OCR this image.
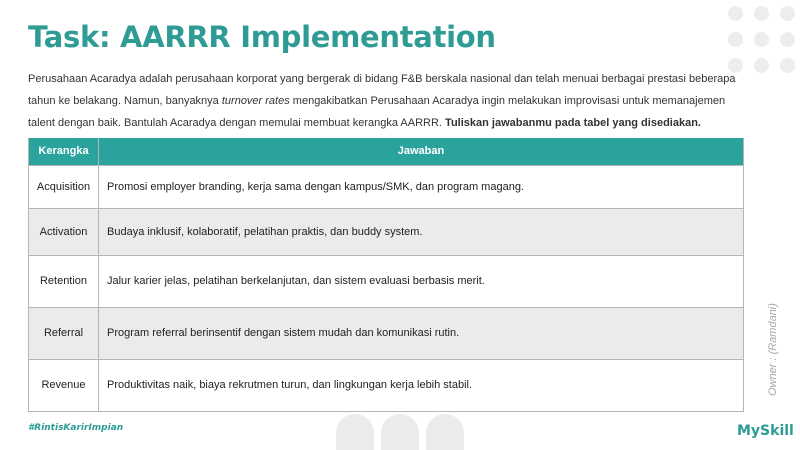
Task: AARRR Implementation

Perusahaan Acaradya adalah perusahaan korporat yang bergerak di bidang F&B berskala nasional dan telah menuai berbagai prestasi beberapa tahun ke belakang. Namun, banyaknya turnover rates mengakibatkan Perusahaan Acaradya ingin melakukan improvisasi untuk memanajemen talent dengan baik. Bantulah Acaradya dengan memulai membuat kerangka AARRR. Tuliskan jawabanmu pada tabel yang disediakan.

Kerangka	Jawaban
Acquisition	Promosi employer branding, kerja sama dengan kampus/SMK, dan program magang.
Activation	Budaya inklusif, kolaboratif, pelatihan praktis, dan buddy system.
Retention	Jalur karier jelas, pelatihan berkelanjutan, dan sistem evaluasi berbasis merit.
Referral	Program referral berinsentif dengan sistem mudah dan komunikasi rutin.
Revenue	Produktivitas naik, biaya rekrutmen turun, dan lingkungan kerja lebih stabil.	Owner : (Ramdani)
#RintisKarirImpian	MySkill
